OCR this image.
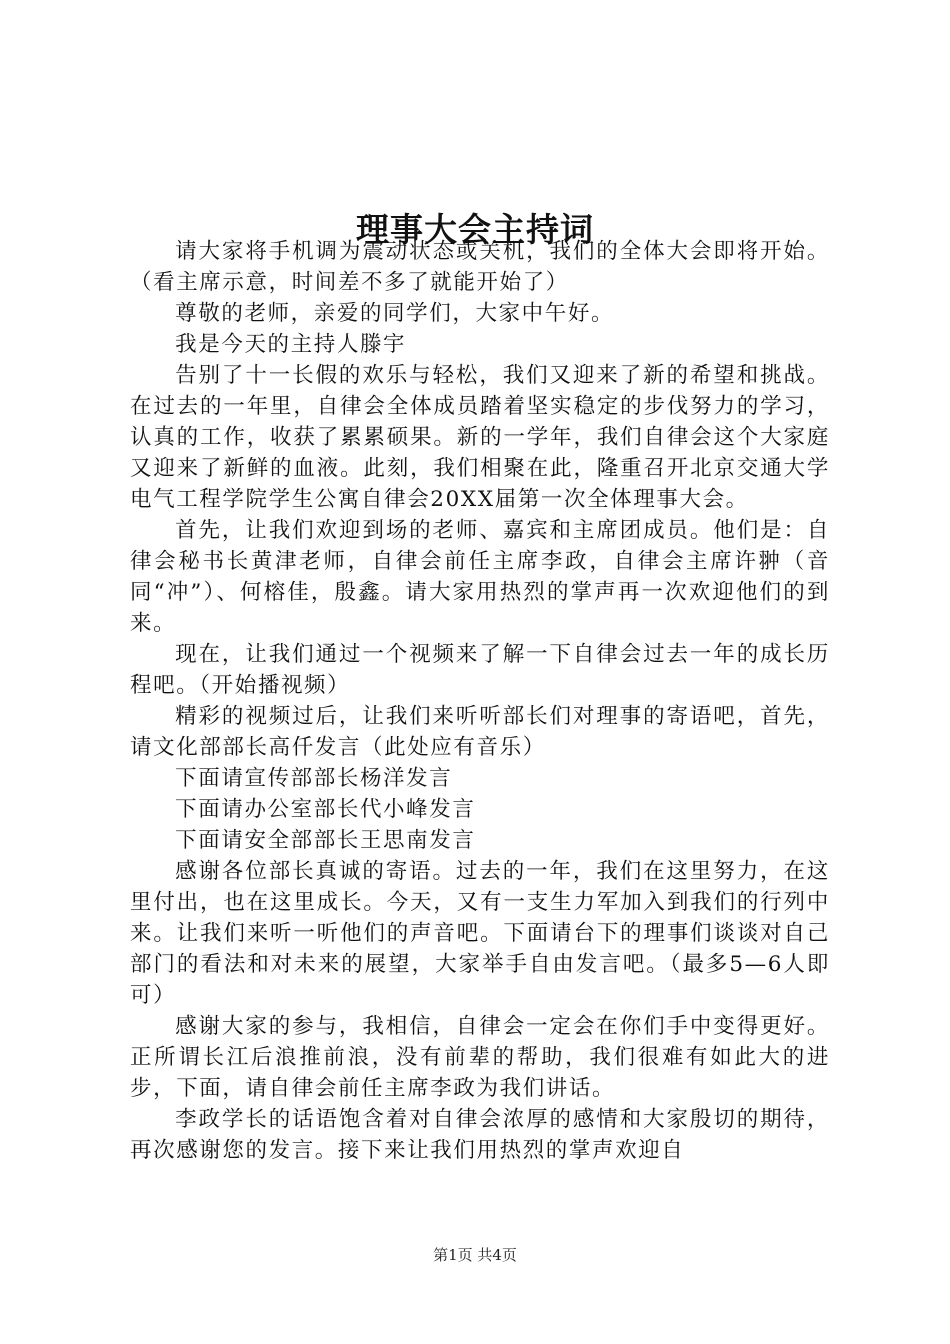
理事大会主持词

请大家将手机调为震动状态或关机，我们的全体大会即将开始。（看主席示意，时间差不多了就能开始了）

尊敬的老师，亲爱的同学们，大家中午好。

我是今天的主持人滕宇

告别了十一长假的欢乐与轻松，我们又迎来了新的希望和挑战。在过去的一年里，自律会全体成员踏着坚实稳定的步伐努力的学习，认真的工作，收获了累累硕果。新的一学年，我们自律会这个大家庭又迎来了新鲜的血液。此刻，我们相聚在此，隆重召开北京交通大学电气工程学院学生公寓自律会20XX届第一次全体理事大会。

首先，让我们欢迎到场的老师、嘉宾和主席团成员。他们是：自律会秘书长黄津老师，自律会前任主席李政，自律会主席许翀（音同“冲”）、何榕佳，殷鑫。请大家用热烈的掌声再一次欢迎他们的到来。

现在，让我们通过一个视频来了解一下自律会过去一年的成长历程吧。（开始播视频）

精彩的视频过后，让我们来听听部长们对理事的寄语吧，首先，请文化部部长高仟发言（此处应有音乐）

下面请宣传部部长杨洋发言

下面请办公室部长代小峰发言

下面请安全部部长王思南发言

感谢各位部长真诚的寄语。过去的一年，我们在这里努力，在这里付出，也在这里成长。今天，又有一支生力军加入到我们的行列中来。让我们来听一听他们的声音吧。下面请台下的理事们谈谈对自己部门的看法和对未来的展望，大家举手自由发言吧。（最多5—6人即可）

感谢大家的参与，我相信，自律会一定会在你们手中变得更好。正所谓长江后浪推前浪，没有前辈的帮助，我们很难有如此大的进步，下面，请自律会前任主席李政为我们讲话。

李政学长的话语饱含着对自律会浓厚的感情和大家殷切的期待，再次感谢您的发言。接下来让我们用热烈的掌声欢迎自

第1页 共4页
